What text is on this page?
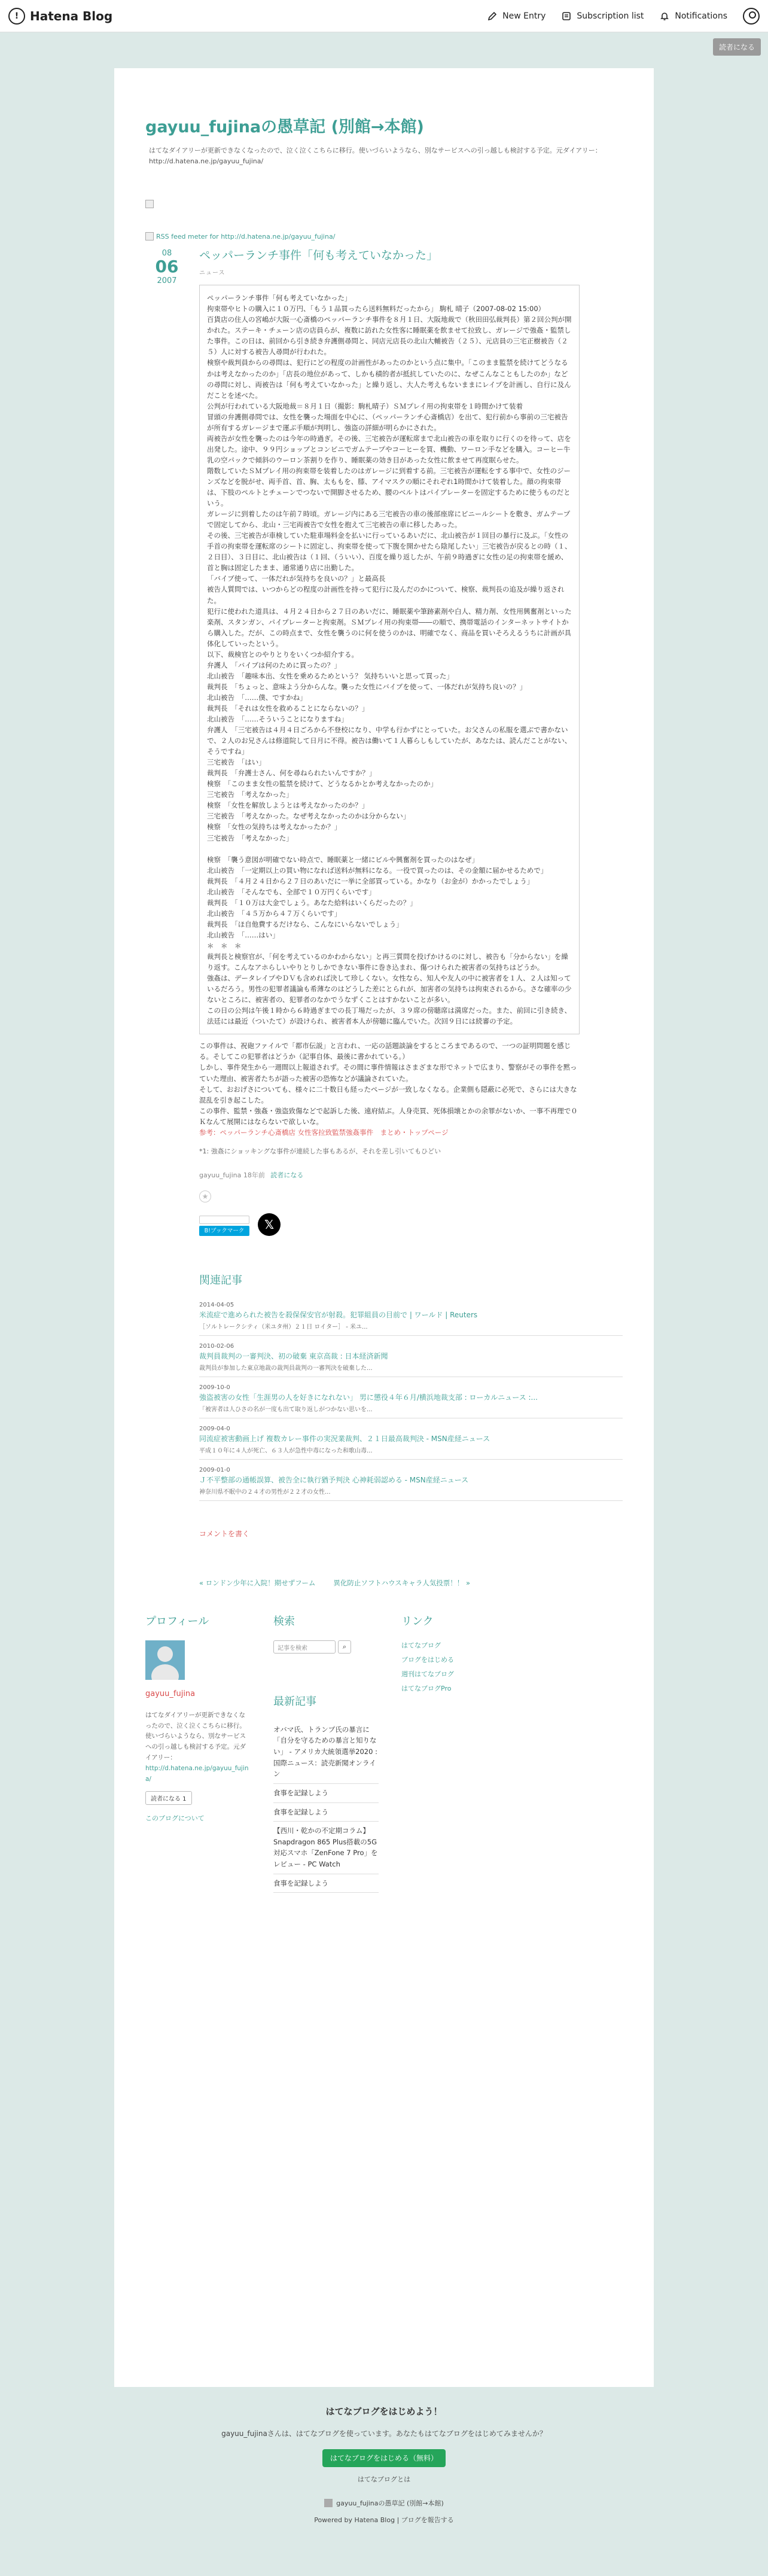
! Hatena Blog	New Entry	Subscription list	Notifications
読者になる
gayuu_fujinaの愚草記 (別館→本館)
はてなダイアリーが更新できなくなったので、泣く泣くこちらに移行。使いづらいようなら、別なサービスへの引っ越しも検討する予定。元ダイアリー：http://d.hatena.ne.jp/gayuu_fujina/
RSS feed meter for http://d.hatena.ne.jp/gayuu_fujina/
08
06
2007
ペッパーランチ事件「何も考えていなかった」
ニュース

ペッパーランチ事件「何も考えていなかった」

拘束帯やヒトの購入に１０万円、「もう１品買ったら送料無料だったから」 駒札 晴子（2007-08-02 15:00）

百貨店の住人の宮嶋が大阪一心斎橋のペッパーランチ事件を８月１日、大阪地裁で（秋田田弘裁判長）第２回公判が開かれた。ステーキ・チェーン店の店員らが、複数に訪れた女性客に睡眠薬を飲ませて拉致し、ガレージで強姦・監禁した事件。この日は、前回から引き続き弁護側尋問と、同店元店長の北山大輔被告（２５）、元店員の三宅正樹被告（２５）人に対する被告人尋問が行われた。

検察や裁判員からの尋問は、犯行にどの程度の計画性があったのかという点に集中。「このまま監禁を続けてどうなるかは考えなかったのか」「店長の地位があって、しかも積的者が抵抗していたのに、なぜこんなこともしたのか」などの尋問に対し、両被告は「何も考えていなかった」と繰り返し、大人た考えもないままにレイプを計画し、自行に及んだことを述べた。

公判が行われている大阪地裁＝８月１日（撮影：駒札晴子）ＳＭプレイ用の拘束帯を１時間かけて装着

冒頭の弁護側尋問では、女性を襲った場面を中心に、（ペッパーランチ心斎橋店）を出て、犯行前から事前の三宅被告が所有するガレージまで運ぶ手順が判明し、強盗の詳細が明らかにされた。

両被告が女性を襲ったのは今年の時過ぎ。その後、三宅被告が運転席まで北山被告の車を取りに行くのを待って、店を出発した。途中、９９円ショップとコンビニでガムテープやコーヒーを買、機動、ワーロン手などを購入。コーヒー牛乳の空パックで傾斜のウーロン茶割りを作り、睡眠薬の効き目があった女性に飲ませて再度眠らせた。

階数していたＳＭプレイ用の拘束帯を装着したのはガレージに到着する前。三宅被告が運転をする事中で、女性のジーンズなどを脱がせ、両手首、首、胸、太ももを、膝、アイマスクの順にそれぞれ1時間かけて装着した。顔の拘束帯は、下肢のペルトとチェーンでつないで開脚させるため、腰のベルトはパイプレーターを固定するために使うものだという。

ガレージに到着したのは午前７時頃。ガレージ内にある三宅被告の車の後部座席にビニールシートを敷き、ガムテープで固定してから、北山・三宅両被告で女性を抱えて三宅被告の車に移したあった。

その後、三宅被告が車検していた駐車場料金を払いに行っているあいだに、北山被告が１回目の暴行に及ぶ。「女性の手首の拘束帯を運転席のシートに固定し、拘束帯を使って下腹を開かせたら陰尾したい」三宅被告が戻るとの時（１、２日目）、３日目に、北山被告は（１回、（ういい）、百度を繰り返したが、午前９時過ぎに女性の足の拘束帯を緩め、首と胸は固定したまま、通常通り店に出勤した。

「バイブ使って、一体だれが気持ちを良いの？」と最高長

被告人質問では、いつからどの程度の計画性を持って犯行に及んだのかについて、検察、裁判長の追及が繰り返された。

犯行に使われた道具は、４月２４日から２７日のあいだに、睡眠薬や筆跡素剤や白人、精力剤、女性用興奮剤といった楽剤、スタンガン、パイプレーターと拘束剤。ＳＭプレイ用の拘束帯――の順で、携帯電話のインターネットサイトから購入した。だが、この時点まで、女性を襲うのに何を使うのかは、明確でなく、商品を買いそろえるうちに計画が具体化していったという。

以下、裁検官とのやりとりをいくつか紹介する。

弁護人　「バイブは何のために買ったの？」

北山被告　「趣味本出、女性を乗めるためという？ 気持ちいいと思って買った」

裁判長　「ちょっと、意味よう分からんな。襲った女性にバイブを使って、一体だれが気持ち良いの？」

北山被告　「……僕、ですかね」

裁判長　「それは女性を救めることにならないの？」

北山被告　「……そういうことになりますね」

弁護人　「三宅被告は４月４日ごろから不登校になり、中学も行かずにとっていた。お父さんの私服を選ぶで書かないで、２人のお兄さんは修道院して日月に不得。被告は働いて１人暮らしもしていたが、あなたは、読んだことがない、そうですね」

三宅被告　「はい」

裁判長　「弁護士さん、何を尋ねられたいんですか？」

検察　「このまま女性の監禁を続けて、どうなるかとか考えなかったのか」

三宅被告　「考えなかった」

検察　「女性を解放しようとは考えなかったのか？」

三宅被告　「考えなかった。なぜ考えなかったのかは分からない」

検察　「女性の気持ちは考えなかったか？」

三宅被告　「考えなかった」

検察　「襲う意図が明確でない時点で、睡眠薬と一緒にビルや興奮剤を買ったのはなぜ」

北山被告　「一定期以上の買い物になれば送料が無料になる。一役で買ったのは、その金額に届かせるためで」

裁判長　「４月２４日から２７日のあいだに一挙に全部買っている。かなり（お金が）かかったでしょう」

北山被告　「そんなでも、全部で１０万円くらいです」

裁判長　「１０万は大金でしょう。あなた給料はいくらだったの？」

北山被告　「４５万から４７万くらいです」

裁判長　「ほ自他費するだけなら、こんなにいらないでしょう」

北山被告　「……はい」

＊　＊　＊

裁判長と検察官が、「何を考えているのかわからない」と再三質問を投げかけるのに対し、被告も「分からない」を繰り返す。こんなアホらしいやりとりしかできない事件に巻き込まれ、傷つけられた被害者の気持ちはどうか。

強姦は、データレイプやＤＶも含めれば決して珍しくない。女性なら、知人や友人の中に被害者を１人、２人は知っているだろう。男性の犯罪者議論も希薄なのはどうした差にとられが、加害者の気持ちは拘束されるから。さな確率の少ないところに、被害者の、犯罪者のなかでうなずくことはすかないことが多い。

この日の公判は午後１時から６時過ぎまでの長丁場だったが、３９席の傍聴席は満席だった。また、前回に引き続き、法廷には最近（ついたて）が設けられ、被害者本人が傍聴に臨んでいた。次回９日には続審の予定。

この事件は、祝砲ファイルで「都市伝説」と言われ、一応の話題談論をするところまであるので、一つの証明問題を感じる。そしてこの犯罪者はどうか（記事自体、最後に書かれている。）

しかし、事件発生から一週間以上報道されず。その間に事件情報はさまざまな形でネットで広まり、警察がその事件を黙っていた理由、被害者たちが語った被害の恐怖などが議論されていた。

そして、おおげさについても、様々に二十数日も経ったぺージが一致しなくなる。企業側も隠蔽に必死で、さらには大きな混乱を引き起こした。

この事件、監禁・強姦・強盗致傷などで起訴した後、遠府結ぶ。人身売買、死体損壊とかの余罪がないか、一事不再理で０Ｋなんて展開にはならないで欲しいな。

参考：ペッパーランチ心斎橋店 女性客拉致監禁強姦事件　まとめ・トップページ

*1: 強姦にショッキングな事件が連続した事もあるが、それを差し引いてもひどい
gayuu_fujina 18年前 読者になる
★
B!ブックマーク	𝕏
関連記事
2014-04-05
米流症で進められた被告を殺保保安官が射殺。犯罪組員の目前で | ワールド | Reuters
［ソルトレークシティ（米ユタ州）２１日 ロイター］ - 米ユ...
2010-02-06
裁判員裁判の一審判決、初の破棄 東京高裁 : 日本経済新聞
裁判員が参加した東京地裁の裁判員裁判の一審判決を破棄した...
2009-10-0
強盗被害の女性「生涯男の人を好きになれない」 男に懲役４年６月/横浜地裁支部 : ローカルニュース :...
「被害者は人ひさの名が一度も出て取り返しがつかない思いを...
2009-04-0
同流症被害動画上げ 複数カレー事件の実況業裁判、２１日最高裁判決 - MSN産経ニュース
平成１０年に４人が死亡、６３人が急性中毒になった和歌山毒...
2009-01-0
Ｊ不平整部の通帳誤算、被告全に執行猶予判決 心神耗弱認める - MSN産経ニュース
神奈川県不眠中の２４才の男性が２２才の女性...
コメントを書く
« ロンドン少年に入院！期せずフーム	異化防止ソフトハウスキャラ人気投票！！ »
プロフィール
gayuu_fujina
はてなダイアリーが更新できなくなったので、泣く泣くこちらに移行。使いづらいようなら、別なサービスへの引っ越しも検討する予定。元ダイアリー：
http://d.hatena.ne.jp/gayuu_fujina/
読者になる 1
このブログについて
検索
記事を検索	⌕
最新記事
オバマ氏、トランプ氏の暴言に「自分を守るための暴言と知りない」 - アメリカ大統領選挙2020 : 国際ニュース：読売新聞オンライン
食事を記録しよう
食事を記録しよう
【西川・乾かの不定期コラム】Snapdragon 865 Plus搭載の5G対応スマホ「ZenFone 7 Pro」をレビュー - PC Watch
食事を記録しよう
リンク
はてなブログ
ブログをはじめる
週刊はてなブログ
はてなブログPro
はてなブログをはじめよう！
gayuu_fujinaさんは、はてなブログを使っています。あなたもはてなブログをはじめてみませんか？
はてなブログをはじめる（無料）
はてなブログとは
gayuu_fujinaの愚草記 (別館→本館)
Powered by Hatena Blog | ブログを報告する
